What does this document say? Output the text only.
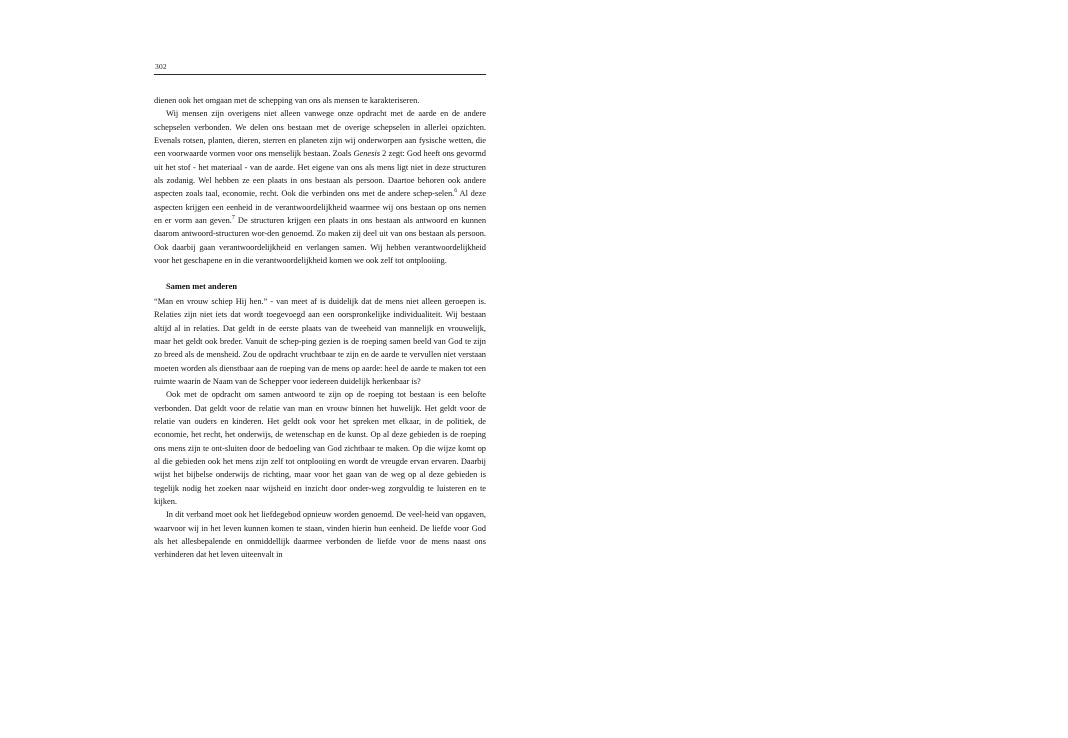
302

dienen ook het omgaan met de schepping van ons als mensen te karakteriseren.

Wij mensen zijn overigens niet alleen vanwege onze opdracht met de aarde en de andere schepselen verbonden. We delen ons bestaan met de overige schepselen in allerlei opzichten. Evenals rotsen, planten, dieren, sterren en planeten zijn wij onderworpen aan fysische wetten, die een voorwaarde vormen voor ons menselijk bestaan. Zoals Genesis 2 zegt: God heeft ons gevormd uit het stof - het materiaal - van de aarde. Het eigene van ons als mens ligt niet in deze structuren als zodanig. Wel hebben ze een plaats in ons bestaan als persoon. Daartoe behoren ook andere aspecten zoals taal, economie, recht. Ook die verbinden ons met de andere schep-selen.$^6$ Al deze aspecten krijgen een eenheid in de verantwoordelijkheid waarmee wij ons bestaan op ons nemen en er vorm aan geven.$^7$ De structuren krijgen een plaats in ons bestaan als antwoord en kunnen daarom antwoord-structuren wor-den genoemd. Zo maken zij deel uit van ons bestaan als persoon. Ook daarbij gaan verantwoordelijkheid en verlangen samen. Wij hebben verantwoordelijkheid voor het geschapene en in die verantwoordelijkheid komen we ook zelf tot ontplooiing.

Samen met anderen

“Man en vrouw schiep Hij hen.” - van meet af is duidelijk dat de mens niet alleen geroepen is. Relaties zijn niet iets dat wordt toegevoegd aan een oorspronkelijke individualiteit. Wij bestaan altijd al in relaties. Dat geldt in de eerste plaats van de tweeheid van mannelijk en vrouwelijk, maar het geldt ook breder. Vanuit de schep-ping gezien is de roeping samen beeld van God te zijn zo breed als de mensheid. Zou de opdracht vruchtbaar te zijn en de aarde te vervullen niet verstaan moeten worden als dienstbaar aan de roeping van de mens op aarde: heel de aarde te maken tot een ruimte waarin de Naam van de Schepper voor iedereen duidelijk herkenbaar is?

Ook met de opdracht om samen antwoord te zijn op de roeping tot bestaan is een belofte verbonden. Dat geldt voor de relatie van man en vrouw binnen het huwelijk. Het geldt voor de relatie van ouders en kinderen. Het geldt ook voor het spreken met elkaar, in de politiek, de economie, het recht, het onderwijs, de wetenschap en de kunst. Op al deze gebieden is de roeping ons mens zijn te ont-sluiten door de bedoeling van God zichtbaar te maken. Op die wijze komt op al die gebieden ook het mens zijn zelf tot ontplooiing en wordt de vreugde ervan ervaren. Daarbij wijst het bijbelse onderwijs de richting, maar voor het gaan van de weg op al deze gebieden is tegelijk nodig het zoeken naar wijsheid en inzicht door onder-weg zorgvuldig te luisteren en te kijken.

In dit verband moet ook het liefdegebod opnieuw worden genoemd. De veel-heid van opgaven, waarvoor wij in het leven kunnen komen te staan, vinden hierin hun eenheid. De liefde voor God als het allesbepalende en onmiddellijk daarmee verbonden de liefde voor de mens naast ons verhinderen dat het leven uiteenvalt in
